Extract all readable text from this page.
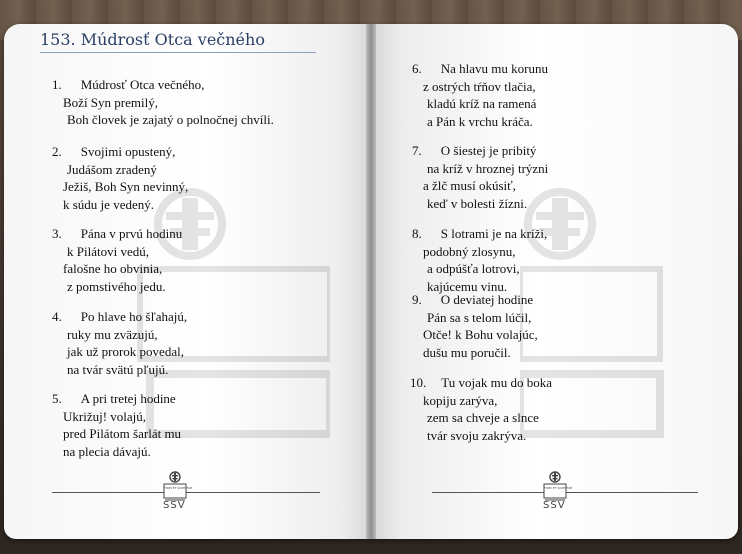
153. Múdrosť Otca večného
1. Múdrosť Otca večného,
Boží Syn premilý,
Boh človek je zajatý o polnočnej chvíli.
2. Svojimi opustený,
Judášom zradený
Ježiš, Boh Syn nevinný,
k súdu je vedený.
3. Pána v prvú hodinu
k Pilátovi vedú,
falošne ho obvinia,
z pomstivého jedu.
4. Po hlave ho šľahajú,
ruky mu zväzujú,
jak už prorok povedal,
na tvár svätú pľujú.
5. A pri tretej hodine
Ukrižuj! volajú,
pred Pilátom šarlát mu
na plecia dávajú.
6. Na hlavu mu korunu
z ostrých tŕňov tlačia,
kladú kríž na ramená
a Pán k vrchu kráča.
7. O šiestej je pribitý
na kríž v hroznej trýzni
a žlč musí okúsiť,
keď v bolesti žízni.
8. S lotrami je na kríži,
podobný zlosynu,
a odpúšťa lotrovi,
kajúcemu vinu.
9. O deviatej hodine
Pán sa s telom lúčil,
Otče! k Bohu volajúc,
dušu mu poručil.
10. Tu vojak mu do boka
kopiju zarýva,
zem sa chveje a slnce
tvár svoju zakrýva.
FIDEI ET SCIENTIÆ
SSV
FIDEI ET SCIENTIÆ
SSV
